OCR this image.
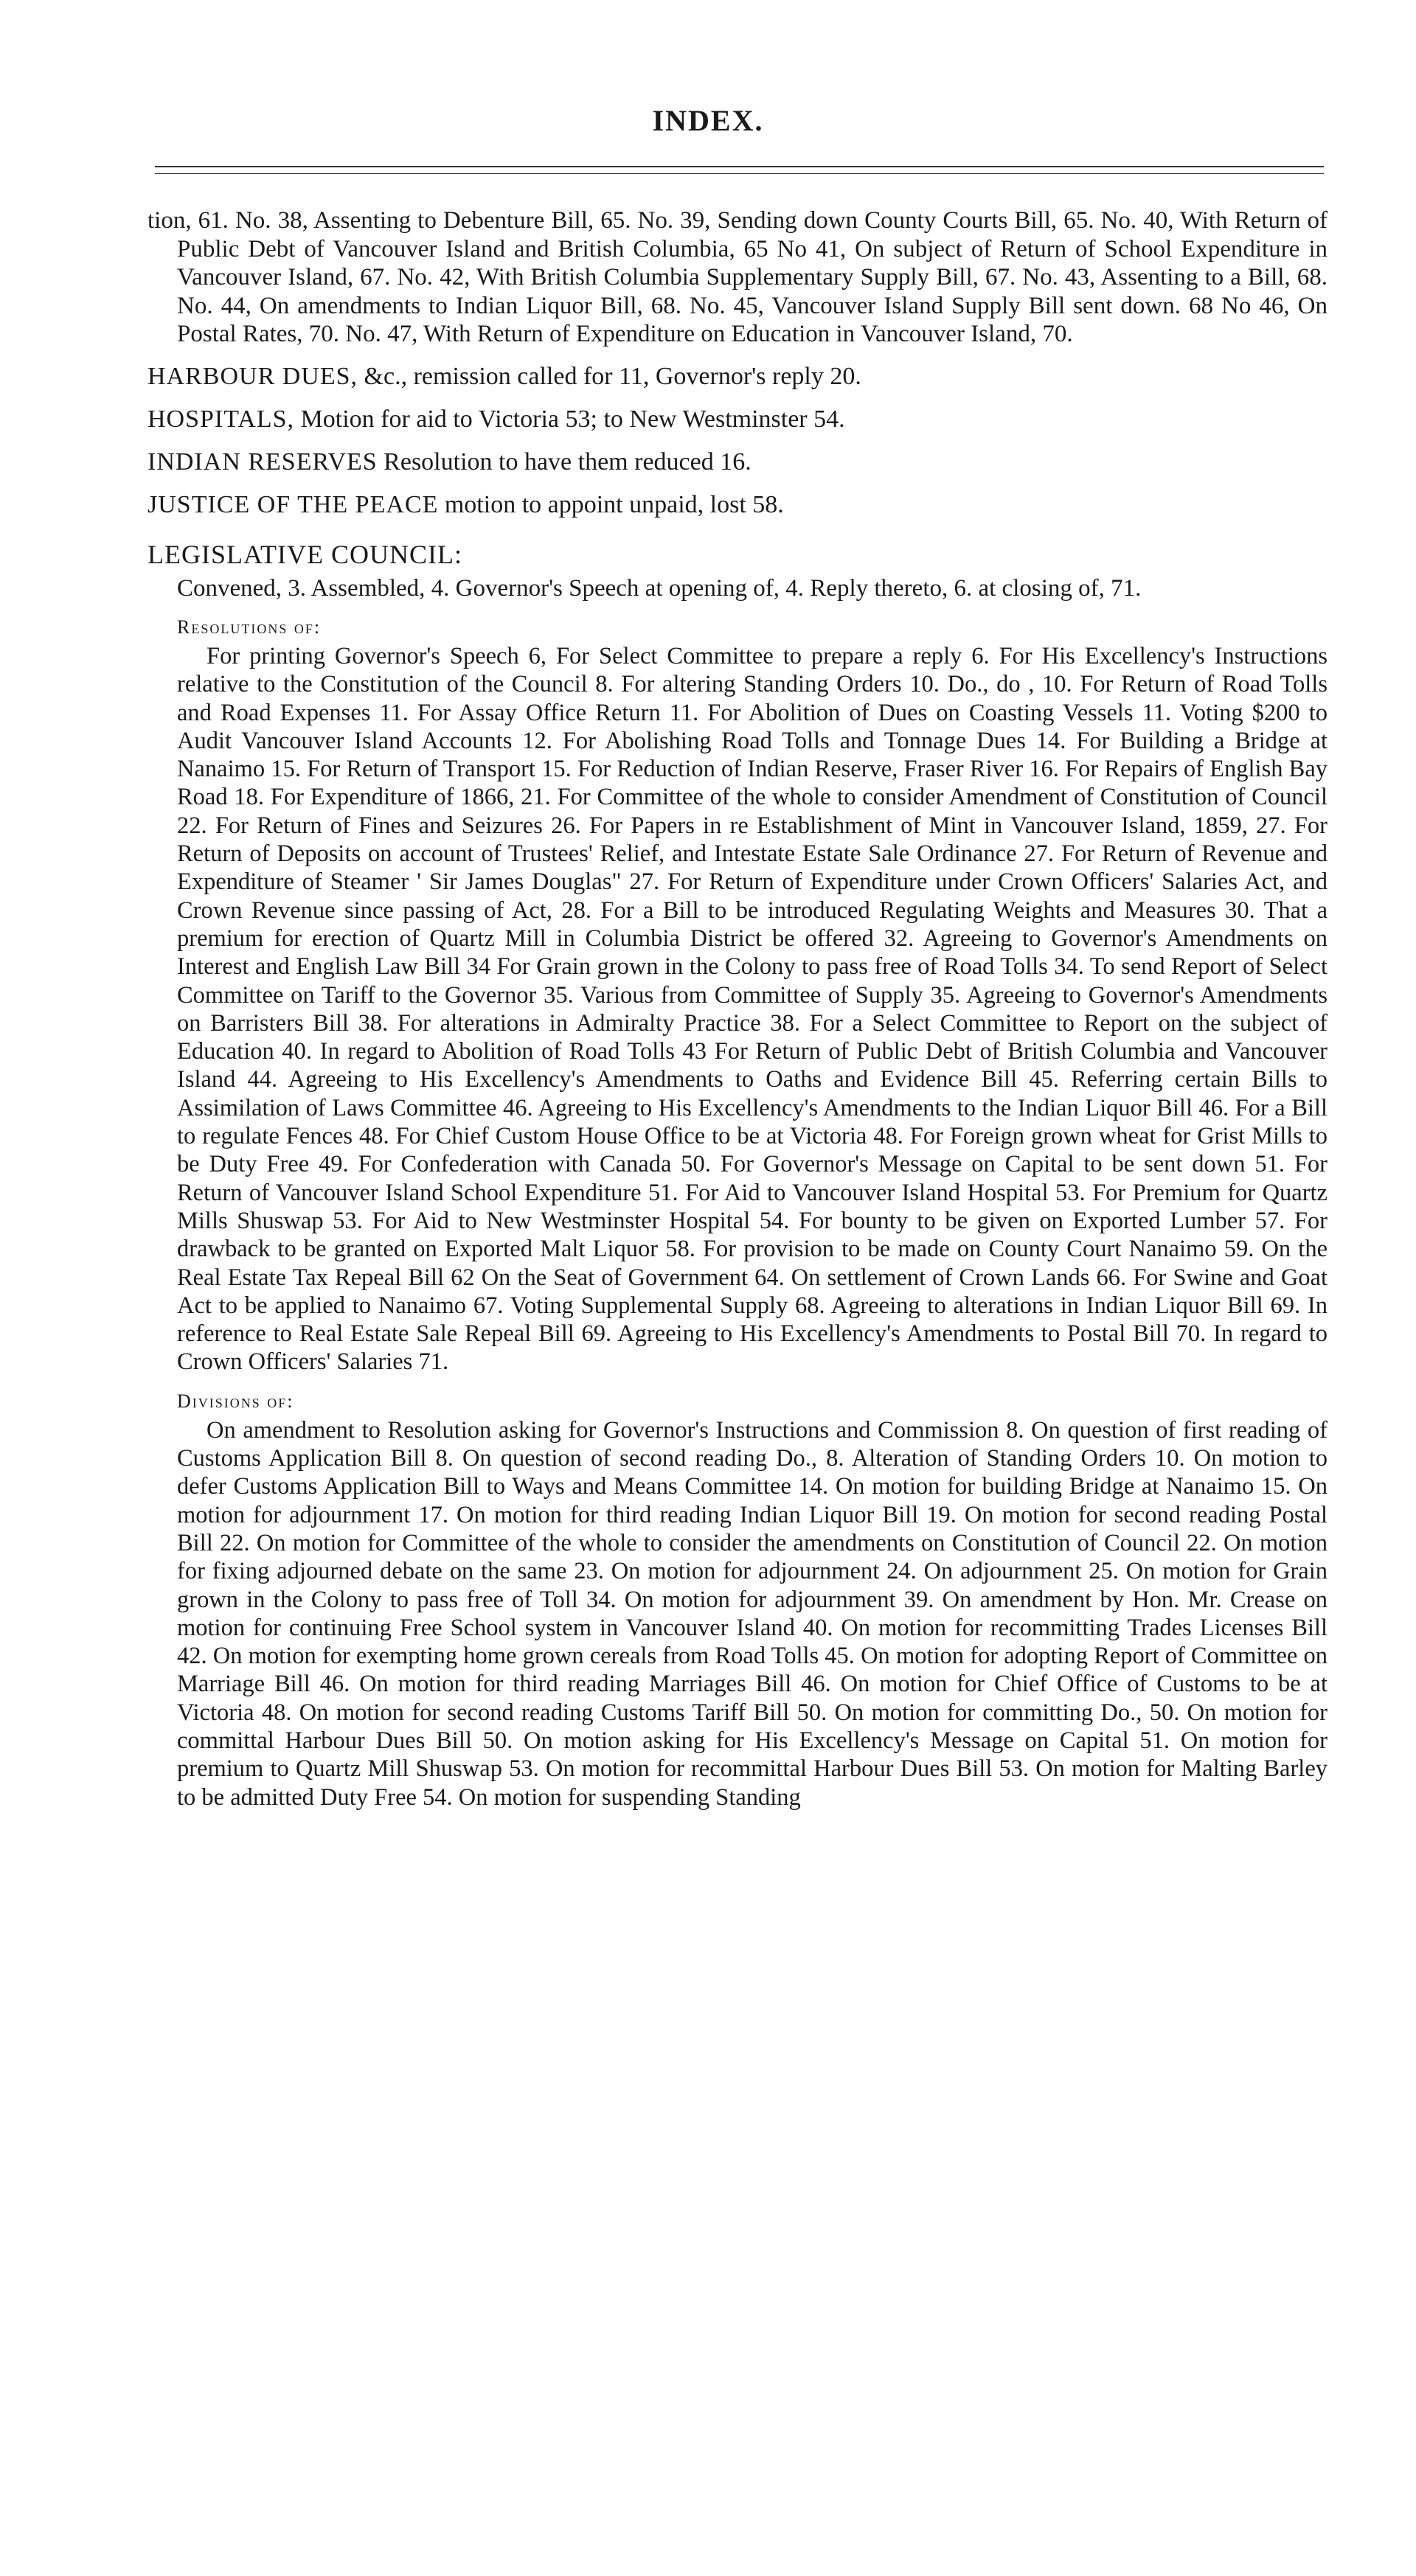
INDEX.

tion, 61. No. 38, Assenting to Debenture Bill, 65. No. 39, Sending down County Courts Bill, 65. No. 40, With Return of Public Debt of Vancouver Island and British Columbia, 65 No 41, On subject of Return of School Expenditure in Vancouver Island, 67. No. 42, With British Columbia Supplementary Supply Bill, 67. No. 43, Assenting to a Bill, 68. No. 44, On amendments to Indian Liquor Bill, 68. No. 45, Vancouver Island Supply Bill sent down. 68 No 46, On Postal Rates, 70. No. 47, With Return of Expenditure on Education in Vancouver Island, 70.

HARBOUR DUES, &c., remission called for 11, Governor's reply 20.

HOSPITALS, Motion for aid to Victoria 53; to New Westminster 54.

INDIAN RESERVES Resolution to have them reduced 16.

JUSTICE OF THE PEACE motion to appoint unpaid, lost 58.

LEGISLATIVE COUNCIL:

Convened, 3. Assembled, 4. Governor's Speech at opening of, 4. Reply thereto, 6. at closing of, 71.

Resolutions of:

For printing Governor's Speech 6, For Select Committee to prepare a reply 6. For His Excellency's Instructions relative to the Constitution of the Council 8. For altering Standing Orders 10. Do., do , 10. For Return of Road Tolls and Road Expenses 11. For Assay Office Return 11. For Abolition of Dues on Coasting Vessels 11. Voting $200 to Audit Vancouver Island Accounts 12. For Abolishing Road Tolls and Tonnage Dues 14. For Building a Bridge at Nanaimo 15. For Return of Transport 15. For Reduction of Indian Reserve, Fraser River 16. For Repairs of English Bay Road 18. For Expenditure of 1866, 21. For Committee of the whole to consider Amendment of Constitution of Council 22. For Return of Fines and Seizures 26. For Papers in re Establishment of Mint in Vancouver Island, 1859, 27. For Return of Deposits on account of Trustees' Relief, and Intestate Estate Sale Ordinance 27. For Return of Revenue and Expenditure of Steamer ' Sir James Douglas" 27. For Return of Expenditure under Crown Officers' Salaries Act, and Crown Revenue since passing of Act, 28. For a Bill to be introduced Regulating Weights and Measures 30. That a premium for erection of Quartz Mill in Columbia District be offered 32. Agreeing to Governor's Amendments on Interest and English Law Bill 34 For Grain grown in the Colony to pass free of Road Tolls 34. To send Report of Select Committee on Tariff to the Governor 35. Various from Committee of Supply 35. Agreeing to Governor's Amendments on Barristers Bill 38. For alterations in Admiralty Practice 38. For a Select Committee to Report on the subject of Education 40. In regard to Abolition of Road Tolls 43 For Return of Public Debt of British Columbia and Vancouver Island 44. Agreeing to His Excellency's Amendments to Oaths and Evidence Bill 45. Referring certain Bills to Assimilation of Laws Committee 46. Agreeing to His Excellency's Amendments to the Indian Liquor Bill 46. For a Bill to regulate Fences 48. For Chief Custom House Office to be at Victoria 48. For Foreign grown wheat for Grist Mills to be Duty Free 49. For Confederation with Canada 50. For Governor's Message on Capital to be sent down 51. For Return of Vancouver Island School Expenditure 51. For Aid to Vancouver Island Hospital 53. For Premium for Quartz Mills Shuswap 53. For Aid to New Westminster Hospital 54. For bounty to be given on Exported Lumber 57. For drawback to be granted on Exported Malt Liquor 58. For provision to be made on County Court Nanaimo 59. On the Real Estate Tax Repeal Bill 62 On the Seat of Government 64. On settlement of Crown Lands 66. For Swine and Goat Act to be applied to Nanaimo 67. Voting Supplemental Supply 68. Agreeing to alterations in Indian Liquor Bill 69. In reference to Real Estate Sale Repeal Bill 69. Agreeing to His Excellency's Amendments to Postal Bill 70. In regard to Crown Officers' Salaries 71.

Divisions of:

On amendment to Resolution asking for Governor's Instructions and Commission 8. On question of first reading of Customs Application Bill 8. On question of second reading Do., 8. Alteration of Standing Orders 10. On motion to defer Customs Application Bill to Ways and Means Committee 14. On motion for building Bridge at Nanaimo 15. On motion for adjournment 17. On motion for third reading Indian Liquor Bill 19. On motion for second reading Postal Bill 22. On motion for Committee of the whole to consider the amendments on Constitution of Council 22. On motion for fixing adjourned debate on the same 23. On motion for adjournment 24. On adjournment 25. On motion for Grain grown in the Colony to pass free of Toll 34. On motion for adjournment 39. On amendment by Hon. Mr. Crease on motion for continuing Free School system in Vancouver Island 40. On motion for recommitting Trades Licenses Bill 42. On motion for exempting home grown cereals from Road Tolls 45. On motion for adopting Report of Committee on Marriage Bill 46. On motion for third reading Marriages Bill 46. On motion for Chief Office of Customs to be at Victoria 48. On motion for second reading Customs Tariff Bill 50. On motion for committing Do., 50. On motion for committal Harbour Dues Bill 50. On motion asking for His Excellency's Message on Capital 51. On motion for premium to Quartz Mill Shuswap 53. On motion for recommittal Harbour Dues Bill 53. On motion for Malting Barley to be admitted Duty Free 54. On motion for suspending Standing
